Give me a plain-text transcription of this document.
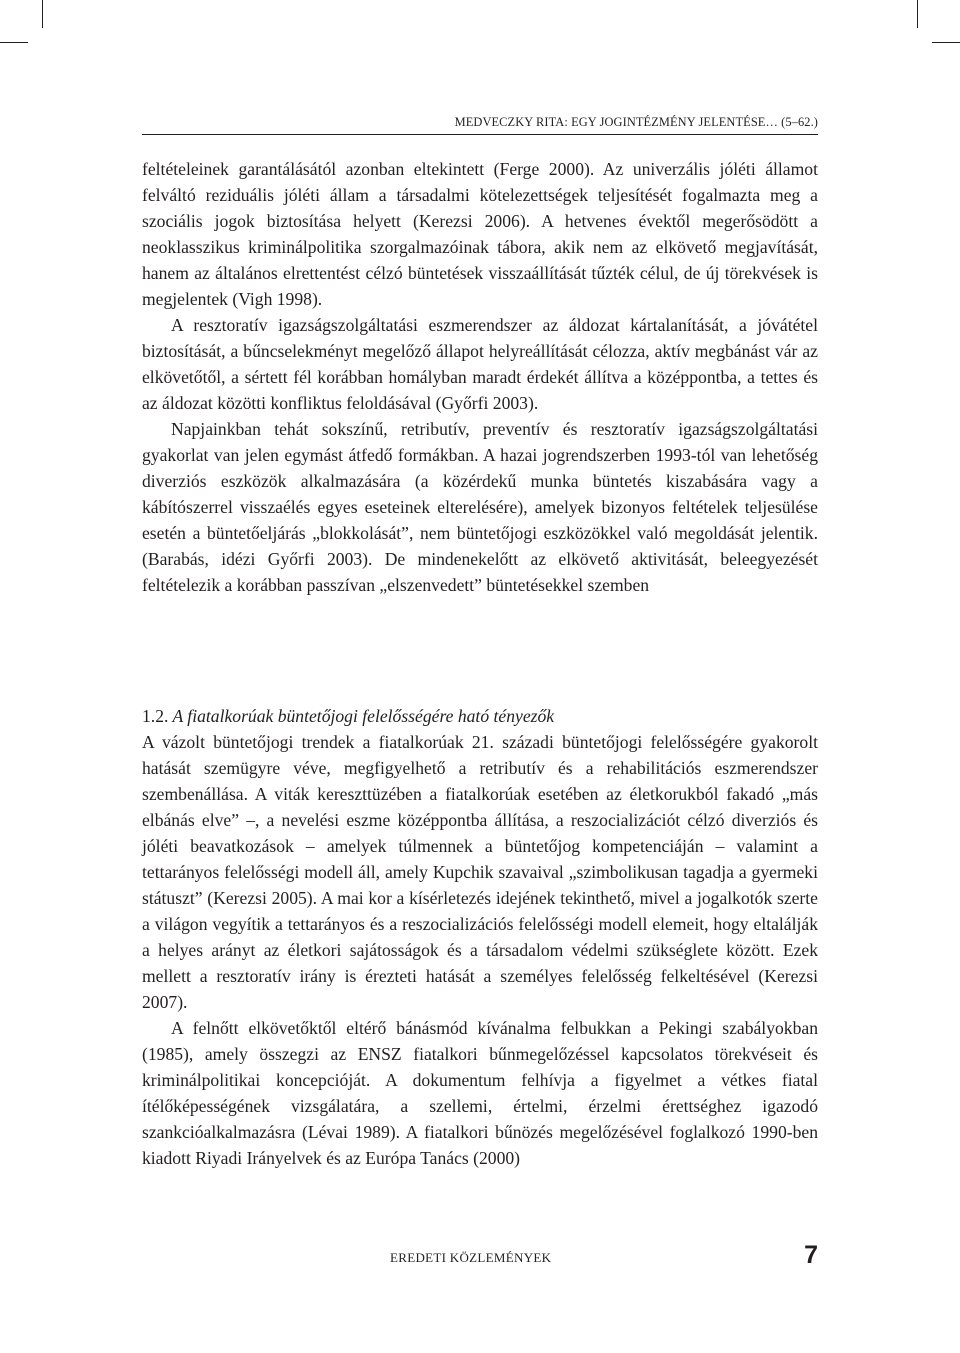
MEDVECZKY RITA: EGY JOGINTÉZMÉNY JELENTÉSE… (5–62.)

feltételeinek garantálásától azonban eltekintett (Ferge 2000). Az univerzális jóléti államot felváltó reziduális jóléti állam a társadalmi kötelezettségek teljesítését fogalmazta meg a szociális jogok biztosítása helyett (Kerezsi 2006). A hetvenes évektől megerősödött a neoklasszikus kriminálpolitika szorgalmazóinak tábora, akik nem az elkövető megjavítását, hanem az általános elrettentést célzó büntetések visszaállítását tűzték célul, de új törekvések is megjelentek (Vigh 1998).

A resztoratív igazságszolgáltatási eszmerendszer az áldozat kártalanítását, a jóvátétel biztosítását, a bűncselekményt megelőző állapot helyreállítását célozza, aktív megbánást vár az elkövetőtől, a sértett fél korábban homályban maradt érdekét állítva a középpontba, a tettes és az áldozat közötti konfliktus feloldásával (Győrfi 2003).

Napjainkban tehát sokszínű, retributív, preventív és resztoratív igazságszolgáltatási gyakorlat van jelen egymást átfedő formákban. A hazai jogrendszerben 1993-tól van lehetőség diverziós eszközök alkalmazására (a közérdekű munka büntetés kiszabására vagy a kábítószerrel visszaélés egyes eseteinek elterelésére), amelyek bizonyos feltételek teljesülése esetén a büntetőeljárás „blokkolását”, nem büntetőjogi eszközökkel való megoldását jelentik. (Barabás, idézi Győrfi 2003). De mindenekelőtt az elkövető aktivitását, beleegyezését feltételezik a korábban passzívan „elszenvedett” büntetésekkel szemben

1.2. A fiatalkorúak büntetőjogi felelősségére ható tényezők

A vázolt büntetőjogi trendek a fiatalkorúak 21. századi büntetőjogi felelősségére gyakorolt hatását szemügyre véve, megfigyelhető a retributív és a rehabilitációs eszmerendszer szembenállása. A viták kereszttüzében a fiatalkorúak esetében az életkorukból fakadó „más elbánás elve” –, a nevelési eszme középpontba állítása, a reszocializációt célzó diverziós és jóléti beavatkozások – amelyek túlmennek a büntetőjog kompetenciáján – valamint a tettarányos felelősségi modell áll, amely Kupchik szavaival „szimbolikusan tagadja a gyermeki státuszt” (Kerezsi 2005). A mai kor a kísérletezés idejének tekinthető, mivel a jogalkotók szerte a világon vegyítik a tettarányos és a reszocializációs felelősségi modell elemeit, hogy eltalálják a helyes arányt az életkori sajátosságok és a társadalom védelmi szükséglete között. Ezek mellett a resztoratív irány is érezteti hatását a személyes felelősség felkeltésével (Kerezsi 2007).

A felnőtt elkövetőktől eltérő bánásmód kívánalma felbukkan a Pekingi szabályokban (1985), amely összegzi az ENSZ fiatalkori bűnmegelőzéssel kapcsolatos törekvéseit és kriminálpolitikai koncepcióját. A dokumentum felhívja a figyelmet a vétkes fiatal ítélőképességének vizsgálatára, a szellemi, értelmi, érzelmi érettséghez igazodó szankcióalkalmazásra (Lévai 1989). A fiatalkori bűnözés megelőzésével foglalkozó 1990-ben kiadott Riyadi Irányelvek és az Európa Tanács (2000)

EREDETI KÖZLEMÉNYEK	7
